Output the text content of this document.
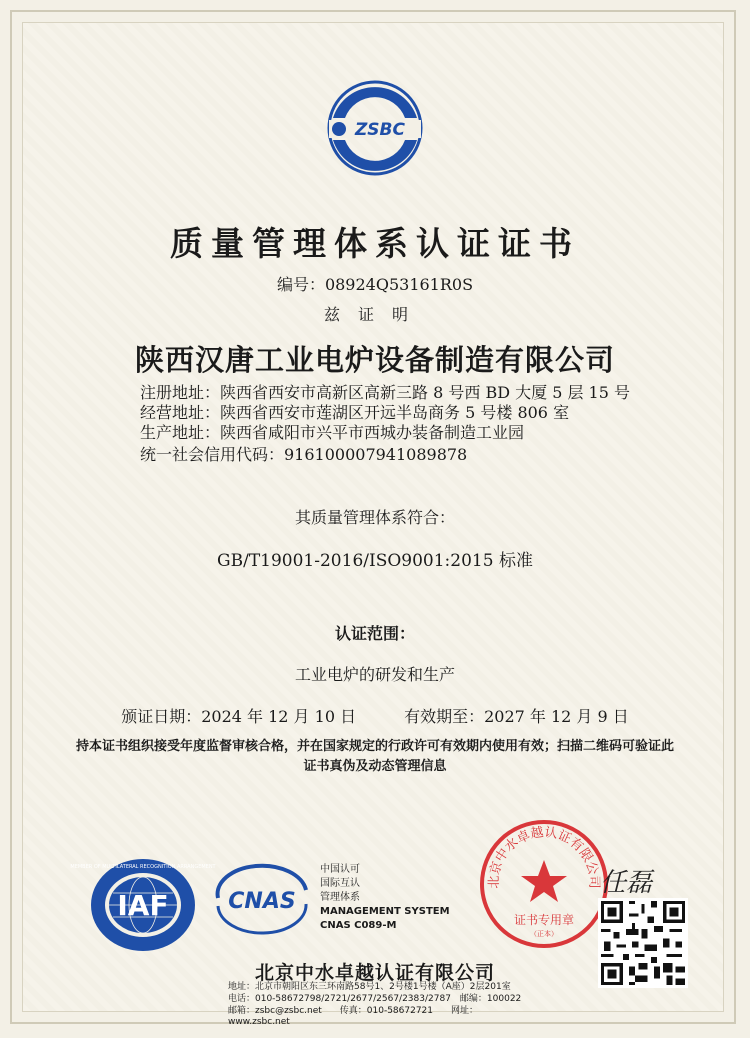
ZSBC
质量管理体系认证证书
编号：08924Q53161R0S
兹证明
陕西汉唐工业电炉设备制造有限公司
注册地址：陕西省西安市高新区高新三路 8 号西 BD 大厦 5 层 15 号
经营地址：陕西省西安市莲湖区开远半岛商务 5 号楼 806 室
生产地址：陕西省咸阳市兴平市西城办装备制造工业园
统一社会信用代码：916100007941089878
其质量管理体系符合：
GB/T19001-2016/ISO9001:2015 标准
认证范围：
工业电炉的研发和生产
颁证日期：2024 年 12 月 10 日　　　有效期至：2027 年 12 月 9 日
持本证书组织接受年度监督审核合格，并在国家规定的行政许可有效期内使用有效；扫描二维码可验证此证书真伪及动态管理信息
IAF
MEMBER OF MULTILATERAL RECOGNITION ARRANGEMENT
CNAS
中国认可
国际互认
管理体系
MANAGEMENT SYSTEM
CNAS C089-M
北京中水卓越认证有限公司
证书专用章
（正本）
任磊
北京中水卓越认证有限公司
地址：北京市朝阳区东三环南路58号1、2号楼1号楼（A座）2层201室
电话：010-58672798/2721/2677/2567/2383/2787　邮编：100022
邮箱：zsbc@zsbc.net　　传真：010-58672721　　网址：www.zsbc.net
